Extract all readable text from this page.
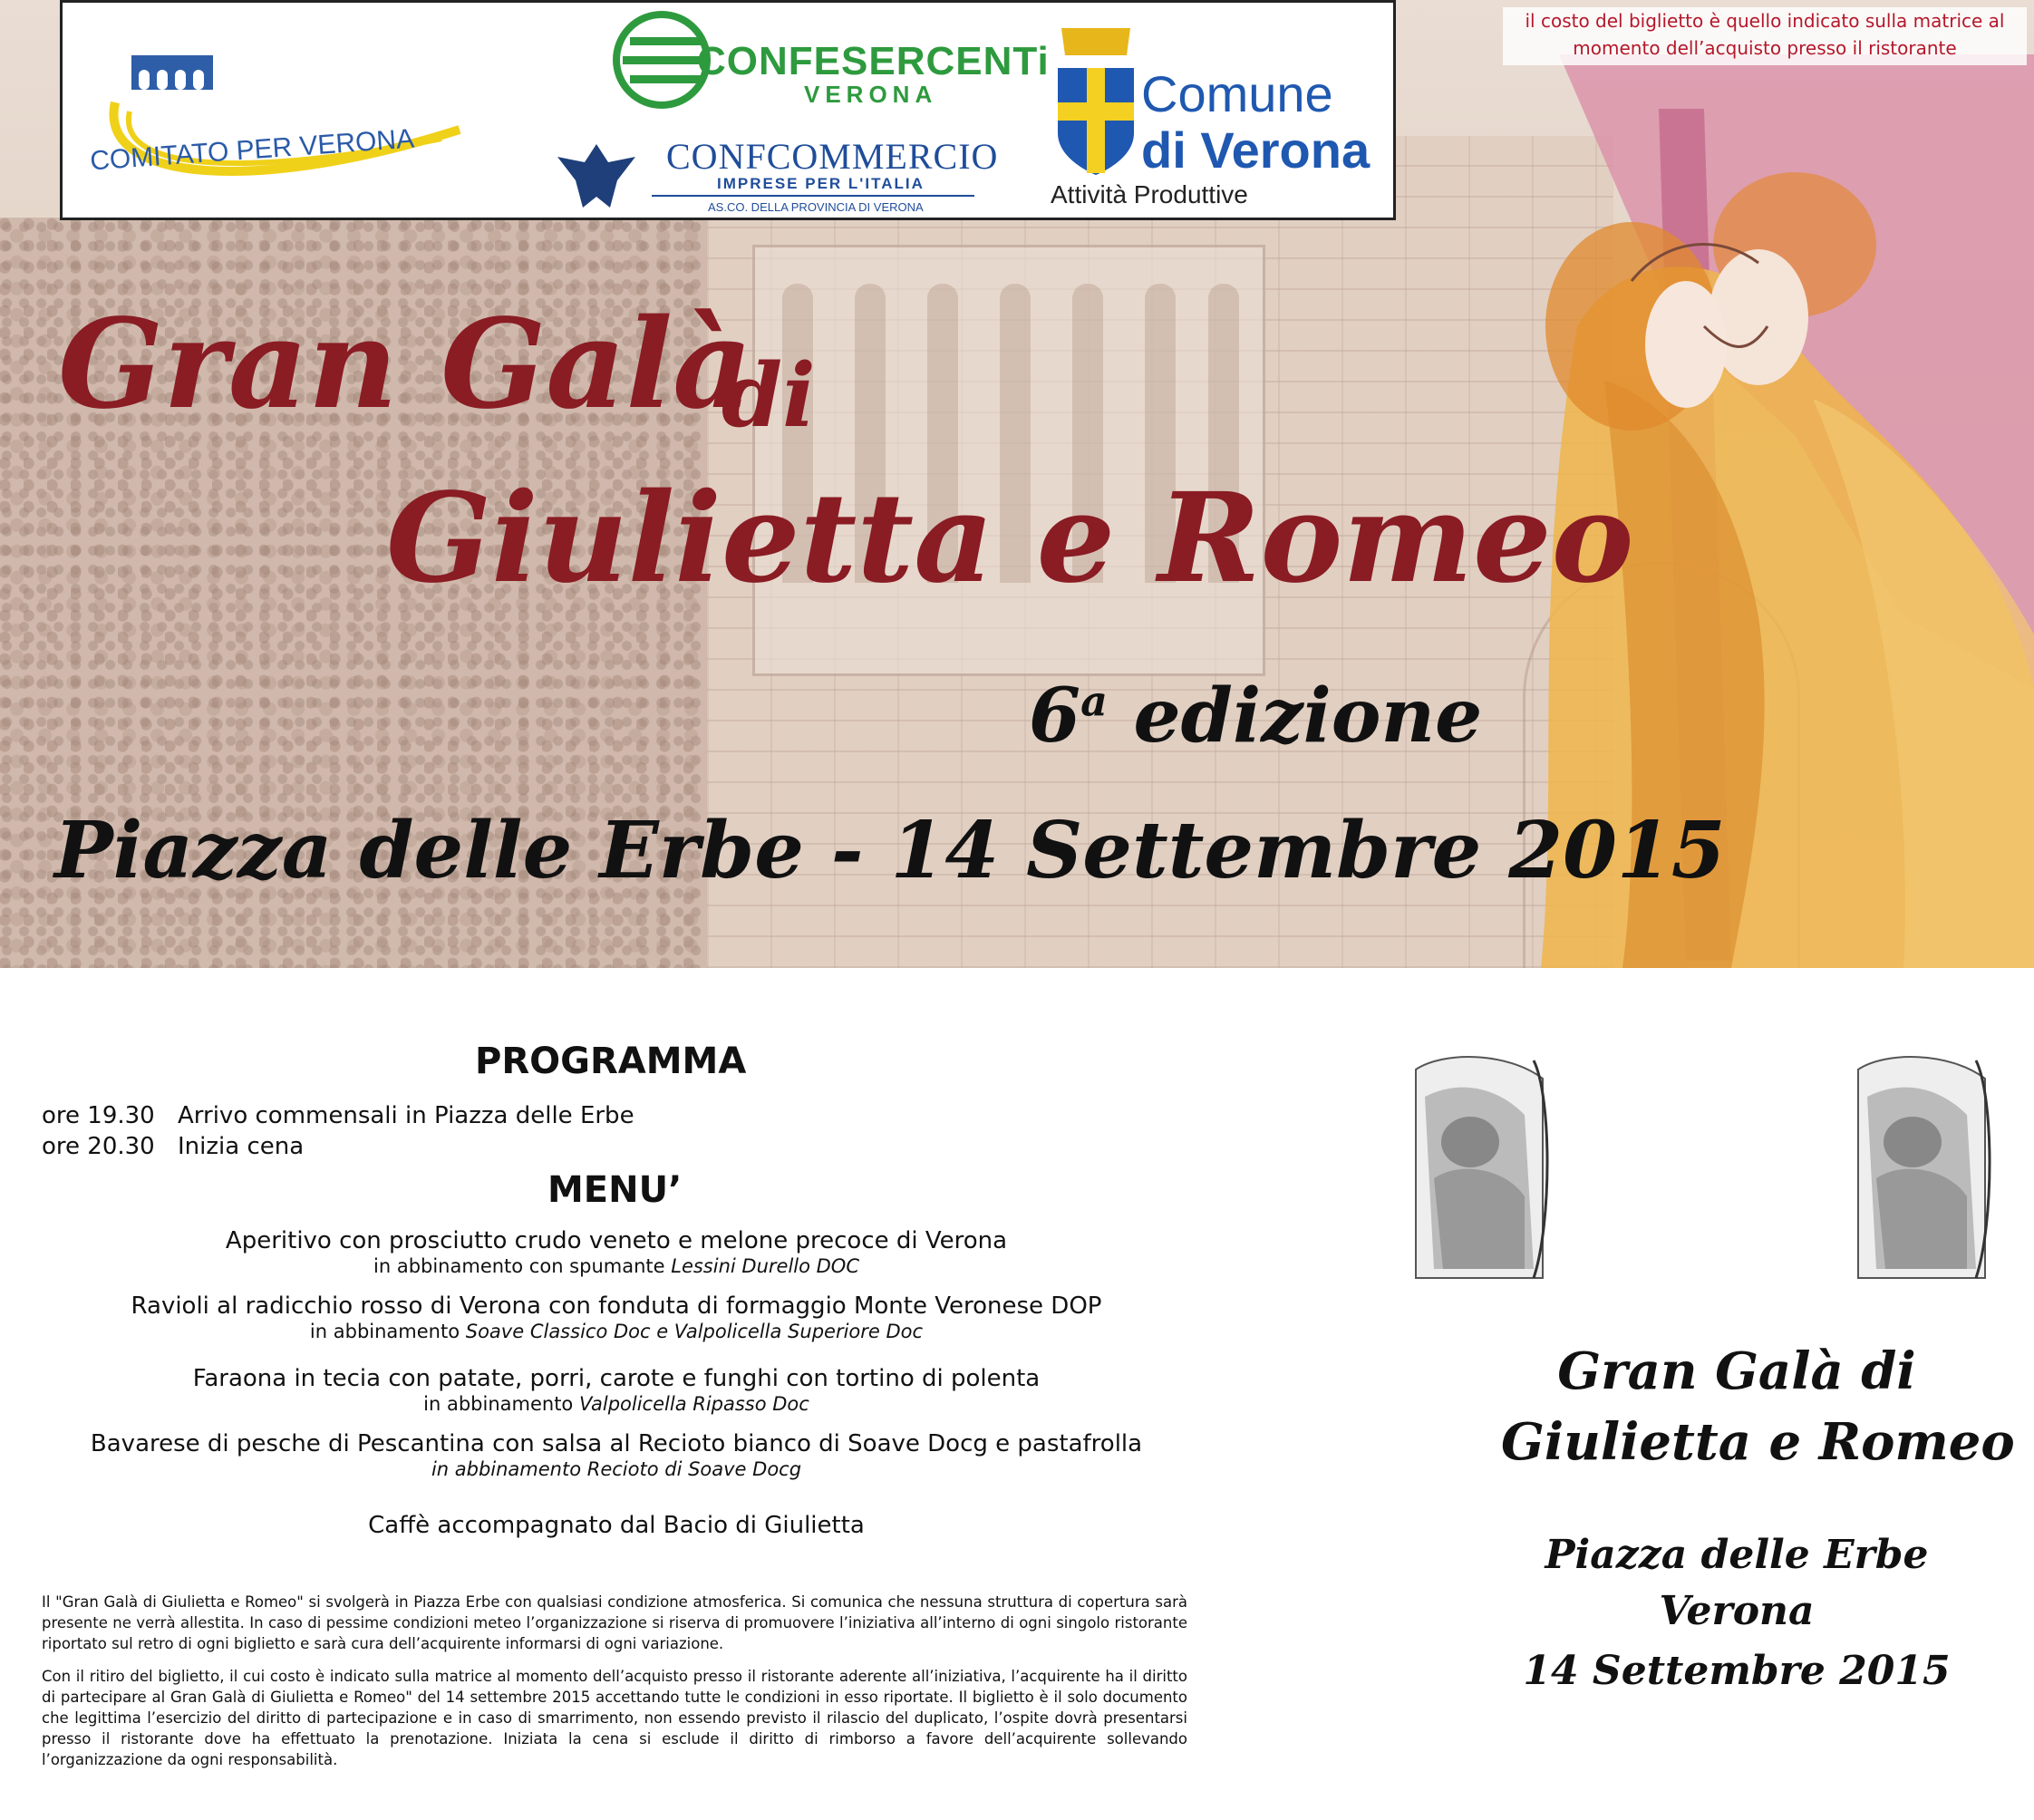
COMITATO PER VERONA
CONFESERCENTi
VERONA
CONFCOMMERCIO
IMPRESE PER L'ITALIA
AS.CO. DELLA PROVINCIA DI VERONA
Comune
di Verona
Attività Produttive
il costo del biglietto è quello indicato sulla matrice al
momento dell’acquisto presso il ristorante
Gran Galà
di
Giulietta e Romeo
6$^a$ edizione
Piazza delle Erbe - 14 Settembre 2015
PROGRAMMA
ore 19.30 Arrivo commensali in Piazza delle Erbe
ore 20.30 Inizia cena
MENU’
Aperitivo con prosciutto crudo veneto e melone precoce di Verona
in abbinamento con spumante Lessini Durello DOC
Ravioli al radicchio rosso di Verona con fonduta di formaggio Monte Veronese DOP
in abbinamento Soave Classico Doc e Valpolicella Superiore Doc
Faraona in tecia con patate, porri, carote e funghi con tortino di polenta
in abbinamento Valpolicella Ripasso Doc
Bavarese di pesche di Pescantina con salsa al Recioto bianco di Soave Docg e pastafrolla
in abbinamento Recioto di Soave Docg
Caffè accompagnato dal Bacio di Giulietta
Il "Gran Galà di Giulietta e Romeo" si svolgerà in Piazza Erbe con qualsiasi condizione atmosferica. Si comunica che nessuna struttura di copertura sarà presente ne verrà allestita. In caso di pessime condizioni meteo l’organizzazione si riserva di promuovere l’iniziativa all’interno di ogni singolo ristorante riportato sul retro di ogni biglietto e sarà cura dell’acquirente informarsi di ogni variazione.
Con il ritiro del biglietto, il cui costo è indicato sulla matrice al momento dell’acquisto presso il ristorante aderente all’iniziativa, l’acquirente ha il diritto di partecipare al Gran Galà di Giulietta e Romeo" del 14 settembre 2015 accettando tutte le condizioni in esso riportate. Il biglietto è il solo documento che legittima l’esercizio del diritto di partecipazione e in caso di smarrimento, non essendo previsto il rilascio del duplicato, l’ospite dovrà presentarsi presso il ristorante dove ha effettuato la prenotazione. Iniziata la cena si esclude il diritto di rimborso a favore dell’acquirente sollevando l’organizzazione da ogni responsabilità.
Gran Galà di
Giulietta e Romeo
Piazza delle Erbe
Verona
14 Settembre 2015
